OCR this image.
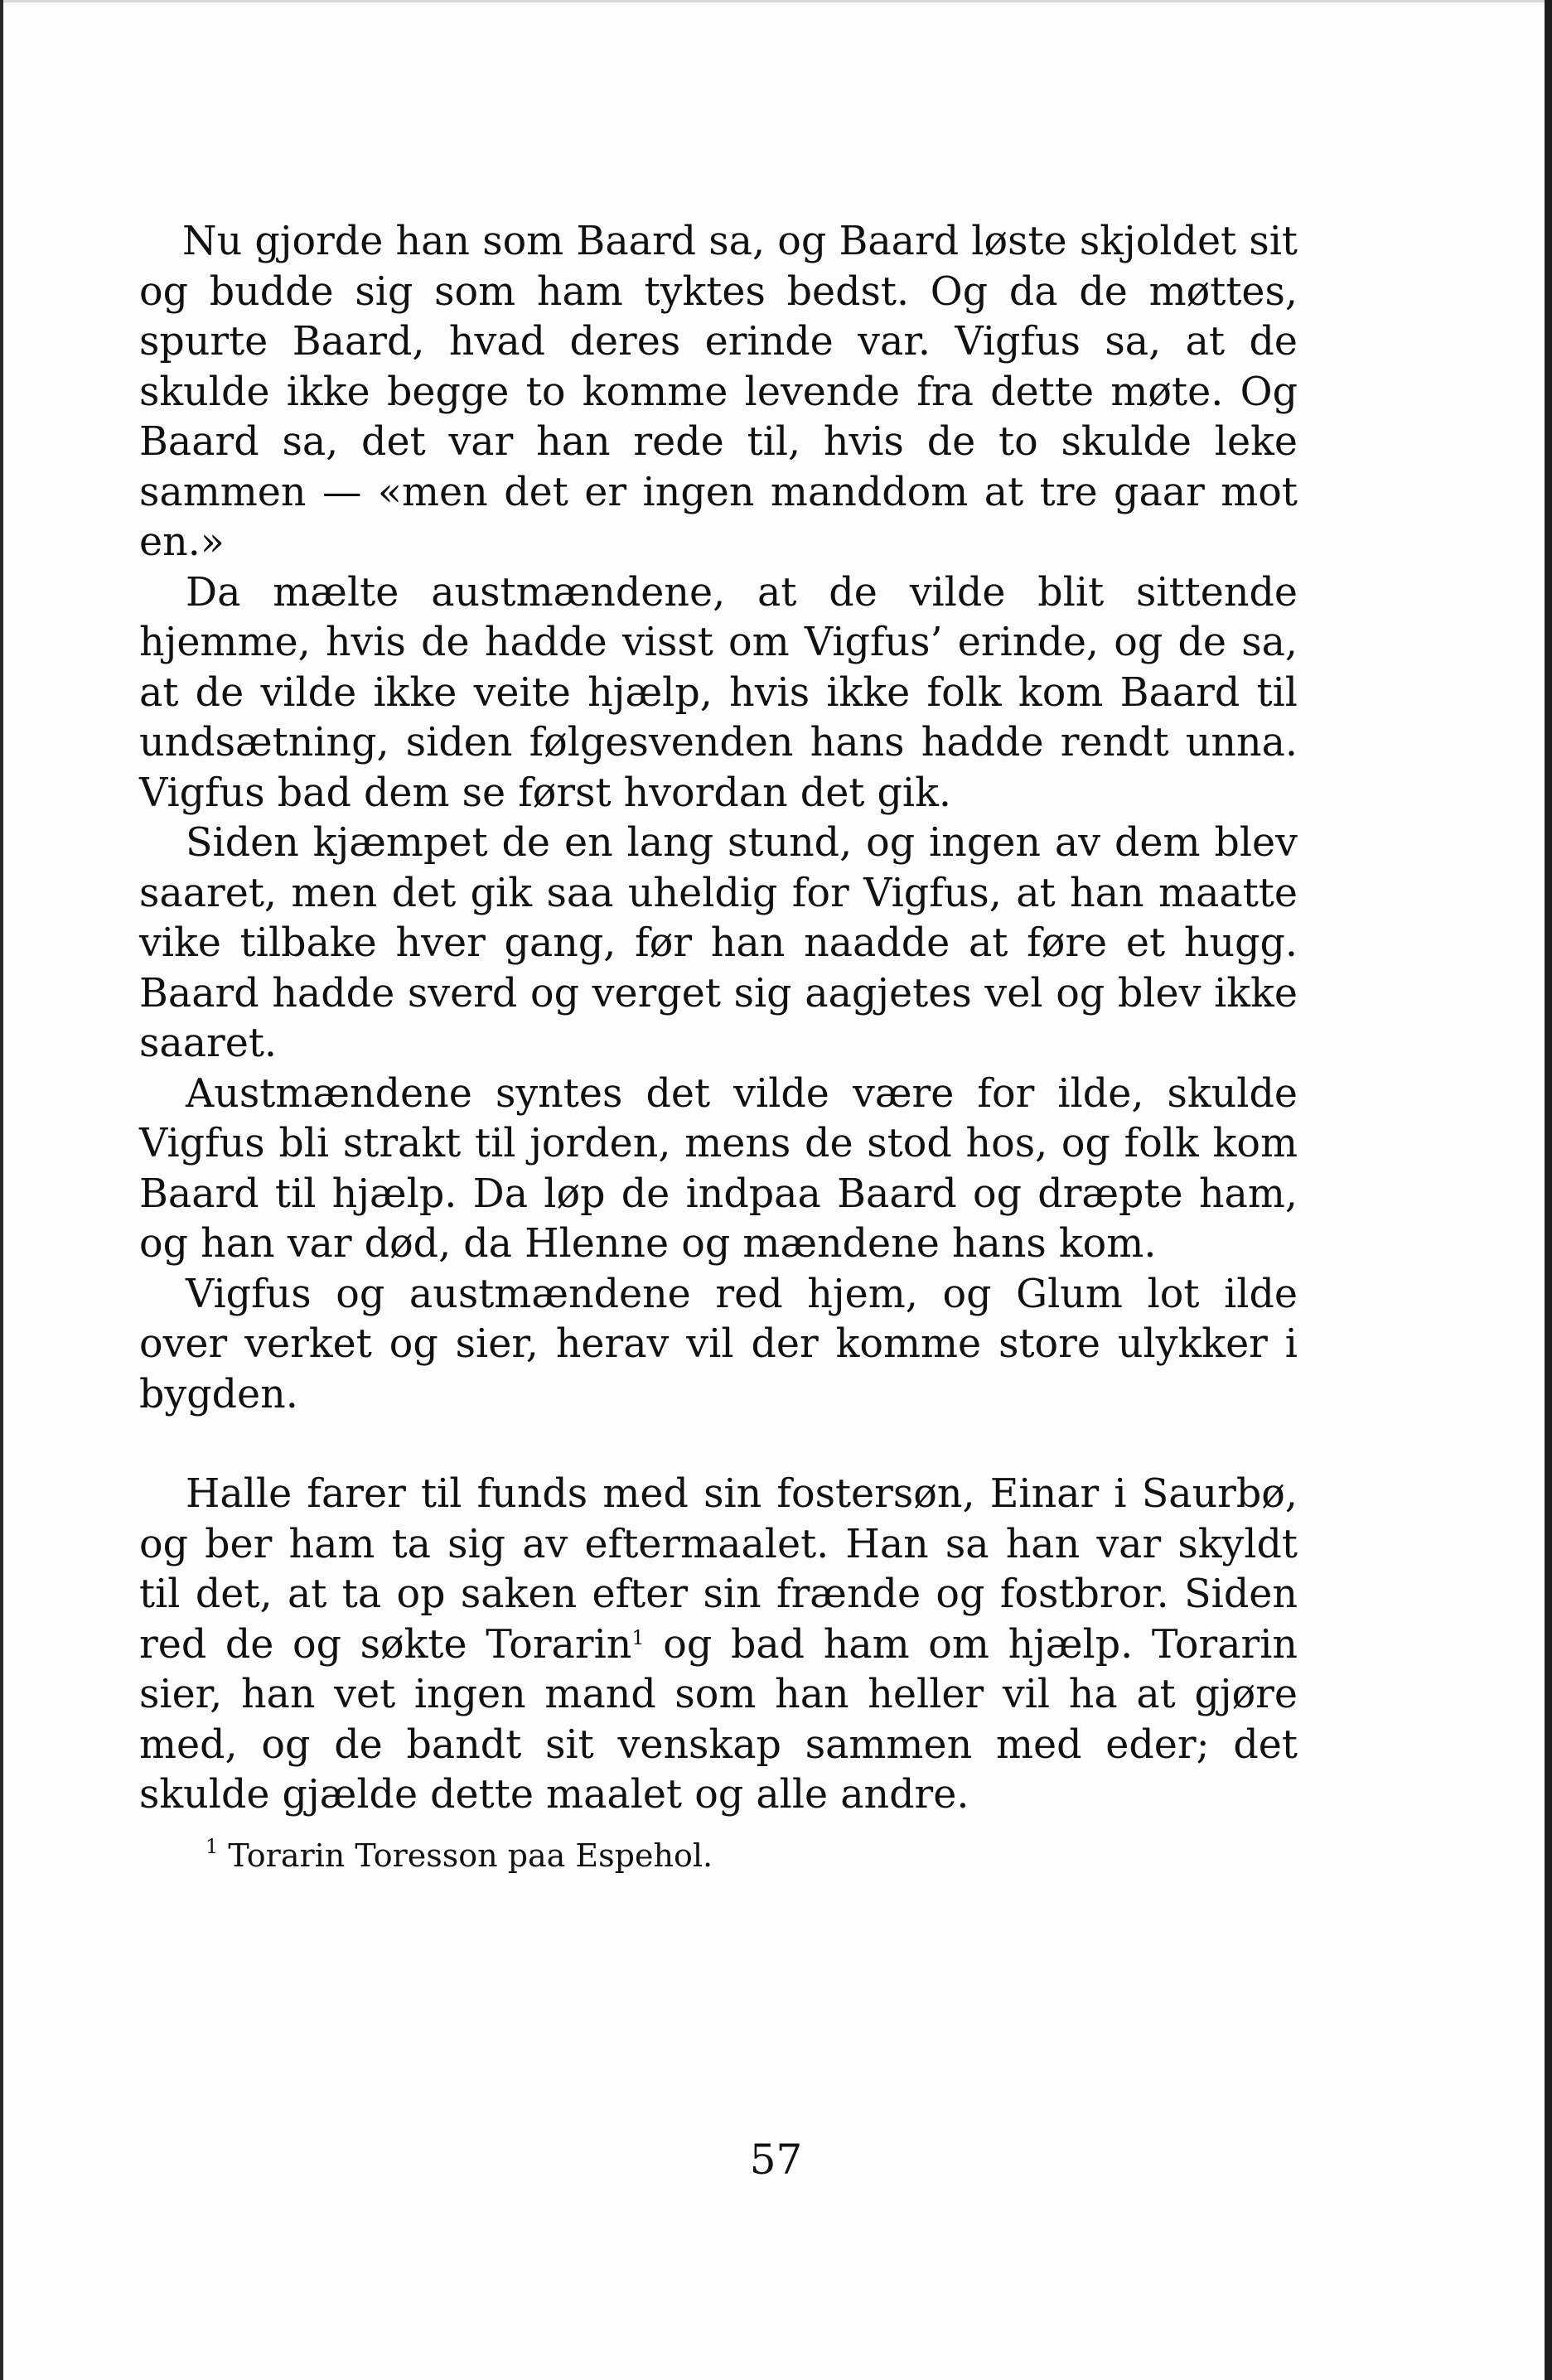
Nu gjorde han som Baard sa, og Baard løste skjoldet sit og budde sig som ham tyktes bedst. Og da de møttes, spurte Baard, hvad deres erinde var. Vigfus sa, at de skulde ikke begge to komme levende fra dette møte. Og Baard sa, det var han rede til, hvis de to skulde leke sammen — «men det er ingen manddom at tre gaar mot en.»

Da mælte austmændene, at de vilde blit sittende hjemme, hvis de hadde visst om Vigfus’ erinde, og de sa, at de vilde ikke veite hjælp, hvis ikke folk kom Baard til undsætning, siden følgesvenden hans hadde rendt unna. Vigfus bad dem se først hvordan det gik.

Siden kjæmpet de en lang stund, og ingen av dem blev saaret, men det gik saa uheldig for Vigfus, at han maatte vike tilbake hver gang, før han naadde at føre et hugg. Baard hadde sverd og verget sig aagjetes vel og blev ikke saaret.

Austmændene syntes det vilde være for ilde, skulde Vigfus bli strakt til jorden, mens de stod hos, og folk kom Baard til hjælp. Da løp de indpaa Baard og dræpte ham, og han var død, da Hlenne og mændene hans kom.

Vigfus og austmændene red hjem, og Glum lot ilde over verket og sier, herav vil der komme store ulykker i bygden.

Halle farer til funds med sin fostersøn, Einar i Saurbø, og ber ham ta sig av eftermaalet. Han sa han var skyldt til det, at ta op saken efter sin frænde og fostbror. Siden red de og søkte Torarin$^1$ og bad ham om hjælp. Torarin sier, han vet ingen mand som han heller vil ha at gjøre med, og de bandt sit venskap sammen med eder; det skulde gjælde dette maalet og alle andre.

$^1$ Torarin Toresson paa Espehol.

57
